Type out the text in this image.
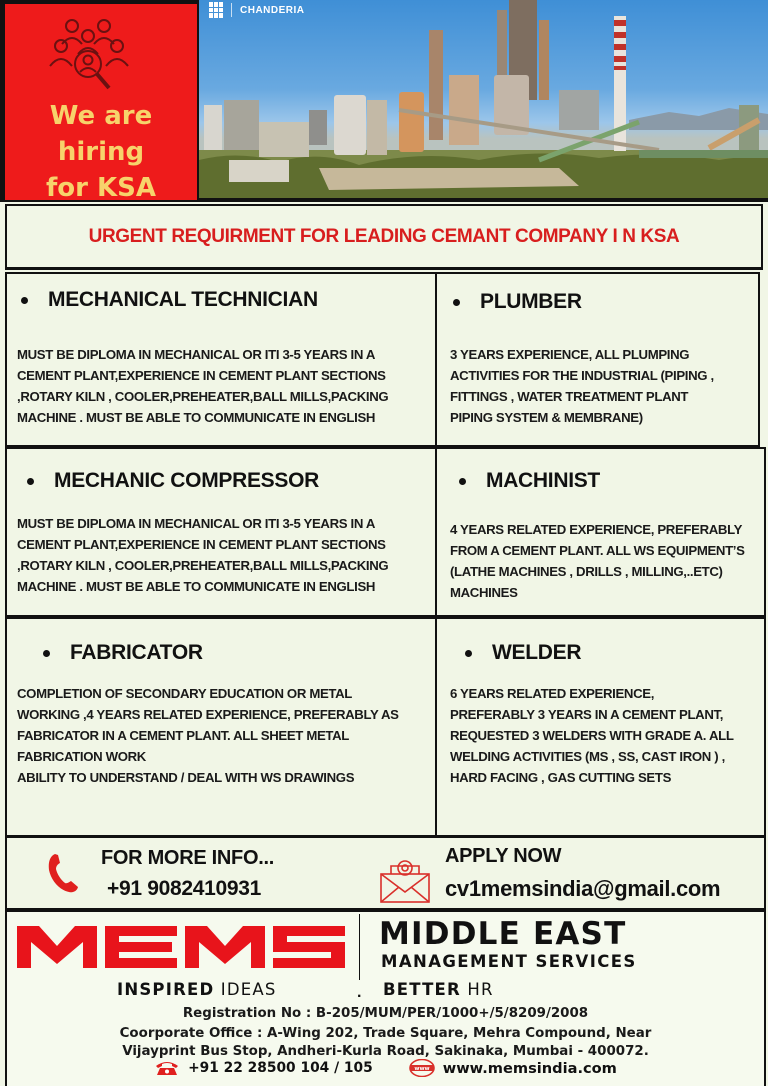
We are hiring
for KSA
CHANDERIA
URGENT REQUIRMENT FOR LEADING CEMANT COMPANY I N KSA
MECHANICAL TECHNICIAN
MUST BE DIPLOMA IN MECHANICAL OR ITI 3-5 YEARS IN A
CEMENT PLANT,EXPERIENCE IN CEMENT PLANT SECTIONS
,ROTARY KILN , COOLER,PREHEATER,BALL MILLS,PACKING
MACHINE . MUST BE ABLE TO COMMUNICATE IN ENGLISH
PLUMBER
3 YEARS EXPERIENCE, ALL PLUMPING
ACTIVITIES FOR THE INDUSTRIAL (PIPING ,
FITTINGS , WATER TREATMENT PLANT
PIPING SYSTEM & MEMBRANE)
MECHANIC COMPRESSOR
MUST BE DIPLOMA IN MECHANICAL OR ITI 3-5 YEARS IN A
CEMENT PLANT,EXPERIENCE IN CEMENT PLANT SECTIONS
,ROTARY KILN , COOLER,PREHEATER,BALL MILLS,PACKING
MACHINE . MUST BE ABLE TO COMMUNICATE IN ENGLISH
MACHINIST
4 YEARS RELATED EXPERIENCE, PREFERABLY
FROM A CEMENT PLANT. ALL WS EQUIPMENT’S
(LATHE MACHINES , DRILLS , MILLING,..ETC)
MACHINES
FABRICATOR
COMPLETION OF SECONDARY EDUCATION OR METAL
WORKING ,4 YEARS RELATED EXPERIENCE, PREFERABLY AS
FABRICATOR IN A CEMENT PLANT. ALL SHEET METAL
FABRICATION WORK
ABILITY TO UNDERSTAND / DEAL WITH WS DRAWINGS
WELDER
6 YEARS RELATED EXPERIENCE,
PREFERABLY 3 YEARS IN A CEMENT PLANT,
REQUESTED 3 WELDERS WITH GRADE A. ALL
WELDING ACTIVITIES (MS , SS, CAST IRON ) ,
HARD FACING , GAS CUTTING SETS
FOR MORE INFO...
+91 9082410931
APPLY NOW
cv1memsindia@gmail.com
MIDDLE EAST
MANAGEMENT SERVICES
INSPIRED IDEAS	. BETTER HR
Registration No : B-205/MUM/PER/1000+/5/8209/2008
Coorporate Office : A-Wing 202, Trade Square, Mehra Compound, Near
Vijayprint Bus Stop, Andheri-Kurla Road, Sakinaka, Mumbai - 400072.
+91 22 28500 104 / 105	www www.memsindia.com
